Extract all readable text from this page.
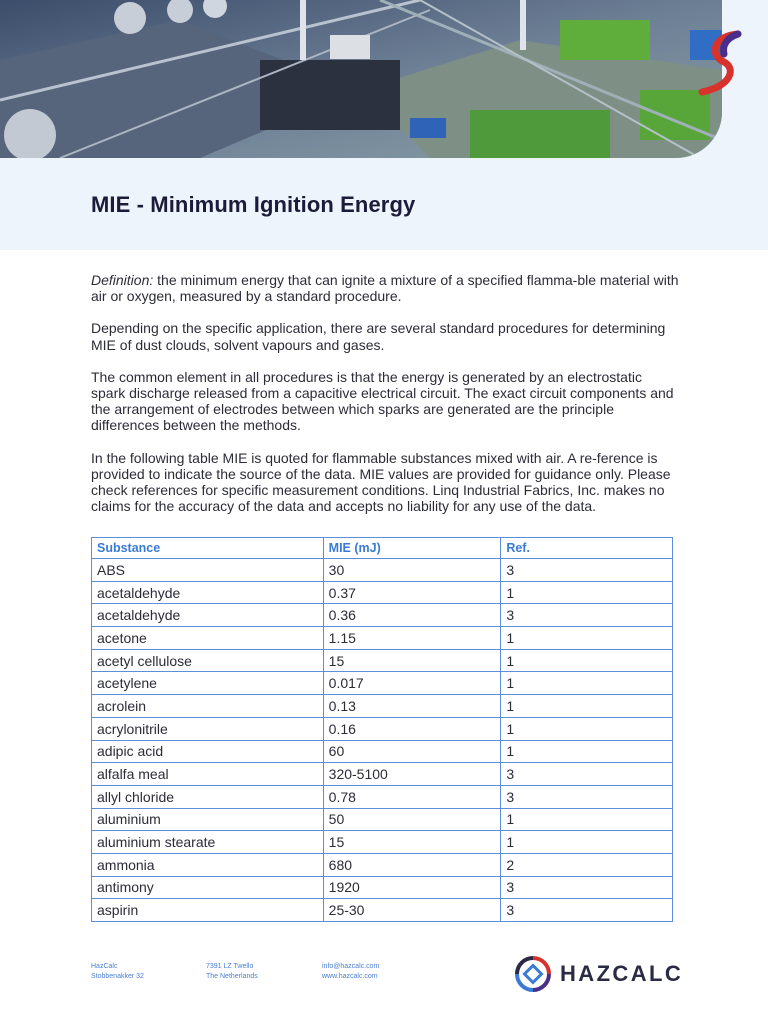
MIE - Minimum Ignition Energy

Definition: the minimum energy that can ignite a mixture of a specified flamma-ble material with air or oxygen, measured by a standard procedure.

Depending on the specific application, there are several standard procedures for determining MIE of dust clouds, solvent vapours and gases.

The common element in all procedures is that the energy is generated by an electrostatic spark discharge released from a capacitive electrical circuit. The exact circuit components and the arrangement of electrodes between which sparks are generated are the principle differences between the methods.

In the following table MIE is quoted for flammable substances mixed with air. A re-ference is provided to indicate the source of the data. MIE values are provided for guidance only. Please check references for specific measurement conditions. Linq Industrial Fabrics, Inc. makes no claims for the accuracy of the data and accepts no liability for any use of the data.

Substance	MIE (mJ)	Ref.
ABS	30	3
acetaldehyde	0.37	1
acetaldehyde	0.36	3
acetone	1.15	1
acetyl cellulose	15	1
acetylene	0.017	1
acrolein	0.13	1
acrylonitrile	0.16	1
adipic acid	60	1
alfalfa meal	320-5100	3
allyl chloride	0.78	3
aluminium	50	1
aluminium stearate	15	1
ammonia	680	2
antimony	1920	3
aspirin	25-30	3
HazCalc
Stobbenakker 32
7391 LZ Twello
The Netherlands
info@hazcalc.com
www.hazcalc.com	HAZCALC
